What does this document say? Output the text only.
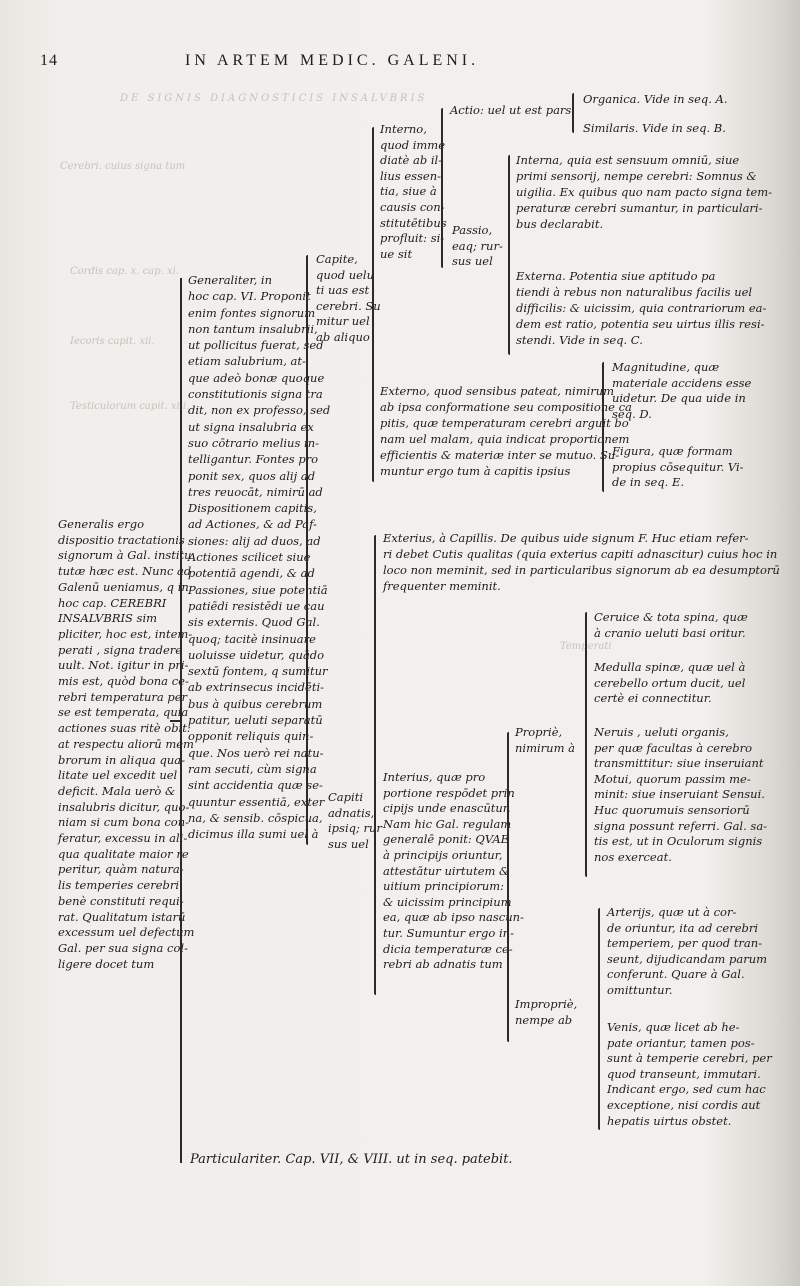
DE SIGNIS DIAGNOSTICIS INSALVBRIS
Cerebri. cuius signa tum
Cordis cap. x. cap. xi.
Iecoris capit. xii.
Testiculorum capit. xiii.
Temperati
14	IN ARTEM MEDIC. GALENI.
Generalis ergo
dispositio tractationis
signorum à Gal. institu
tutæ hæc est. Nunc ad
Galenū ueniamus, q in
hoc cap. CEREBRI
INSALVBRIS sim
pliciter, hoc est, intem-
perati , signa tradere
uult. Not. igitur in pri-
mis est, quòd bona ce-
rebri temperatura per
se est temperata, quia
actiones suas ritè obit:
at respectu aliorū mem
brorum in aliqua qua-
litate uel excedit uel
deficit. Mala uerò &
insalubris dicitur, quo-
niam si cum bona con-
feratur, excessu in ali-
qua qualitate maior re
peritur, quàm natura-
lis temperies cerebri
benè constituti requi-
rat. Qualitatum istarū
excessum uel defectum
Gal. per sua signa col-
ligere docet tum
Generaliter, in
hoc cap. VI. Proponit
enim fontes signorum
non tantum insalubrii,
ut pollicitus fuerat, sed
etiam salubrium, at-
que adeò bonæ quoque
constitutionis signa tra
dit, non ex professo, sed
ut signa insalubria ex
suo cōtrario melius in-
telligantur. Fontes pro
ponit sex, quos alij ad
tres reuocāt, nimirū ad
Dispositionem capitis,
ad Actiones, & ad Paf-
siones: alij ad duos, ad
Actiones scilicet siue
potentiā agendi, & ad
Passiones, siue potentiā
patiēdi resistēdi ue cau
sis externis. Quod Gal.
quoq; tacitè insinuare
uoluisse uidetur, quādo
sextū fontem, q sumitur
ab extrinsecus incidēti-
bus à quibus cerebrum
patitur, ueluti separatū
opponit reliquis quin-
que. Nos uerò rei natu-
ram secuti, cùm signa
sint accidentia quæ se-
quuntur essentiā, exter
na, & sensib. cōspicua,
dicimus illa sumi uel à
Capite,
quod uelu
ti uas est
cerebri. Su
mitur uel
ab aliquo
Capiti
adnatis,
ipsiq; rur
sus uel
Interno,
quod imme
diatè ab il-
lius essen-
tia, siue à
causis con-
stitutētibus
profluit: si-
ue sit
Actio: uel ut est pars
Organica. Vide in seq. A.
Similaris. Vide in seq. B.
Passio,
eaq; rur-
sus uel
Interna, quia est sensuum omniū, siue
primi sensorij, nempe cerebri: Somnus &
uigilia. Ex quibus quo nam pacto signa tem-
peraturæ cerebri sumantur, in particulari-
bus declarabit.
Externa. Potentia siue aptitudo pa
tiendi à rebus non naturalibus facilis uel
difficilis: & uicissim, quia contrariorum ea-
dem est ratio, potentia seu uirtus illis resi-
stendi. Vide in seq. C.
Externo, quod sensibus pateat, nimirum
ab ipsa conformatione seu compositione ca
pitis, quæ temperaturam cerebri arguit bo
nam uel malam, quia indicat proportionem
efficientis & materiæ inter se mutuo. Su-
muntur ergo tum à capitis ipsius
Magnitudine, quæ
materiale accidens esse
uidetur. De qua uide in
seq. D.
Figura, quæ formam
propius cōsequitur. Vi-
de in seq. E.
Exterius, à Capillis. De quibus uide signum F. Huc etiam refer-
ri debet Cutis qualitas (quia exterius capiti adnascitur) cuius hoc in
loco non meminit, sed in particularibus signorum ab ea desumptorū
frequenter meminit.
Interius, quæ pro
portione respōdet prin
cipijs unde enascūtur.
Nam hic Gal. regulam
generalē ponit: QVAE
à principijs oriuntur,
attestātur uirtutem &
uitium principiorum:
& uicissim principium
ea, quæ ab ipso nascun-
tur. Sumuntur ergo in-
dicia temperaturæ ce-
rebri ab adnatis tum
Propriè,
nimirum à
Impropriè,
nempe ab
Ceruice & tota spina, quæ
à cranio ueluti basi oritur.
Medulla spinæ, quæ uel à
cerebello ortum ducit, uel
certè ei connectitur.
Neruis , ueluti organis,
per quæ facultas à cerebro
transmittitur: siue inseruiant
Motui, quorum passim me-
minit: siue inseruiant Sensui.
Huc quorumuis sensoriorū
signa possunt referri. Gal. sa-
tis est, ut in Oculorum signis
nos exerceat.
Arterijs, quæ ut à cor-
de oriuntur, ita ad cerebri
temperiem, per quod tran-
seunt, dijudicandam parum
conferunt. Quare à Gal.
omittuntur.
Venis, quæ licet ab he-
pate oriantur, tamen pos-
sunt à temperie cerebri, per
quod transeunt, immutari.
Indicant ergo, sed cum hac
exceptione, nisi cordis aut
hepatis uirtus obstet.
Particulariter. Cap. VII, & VIII. ut in seq. patebit.
